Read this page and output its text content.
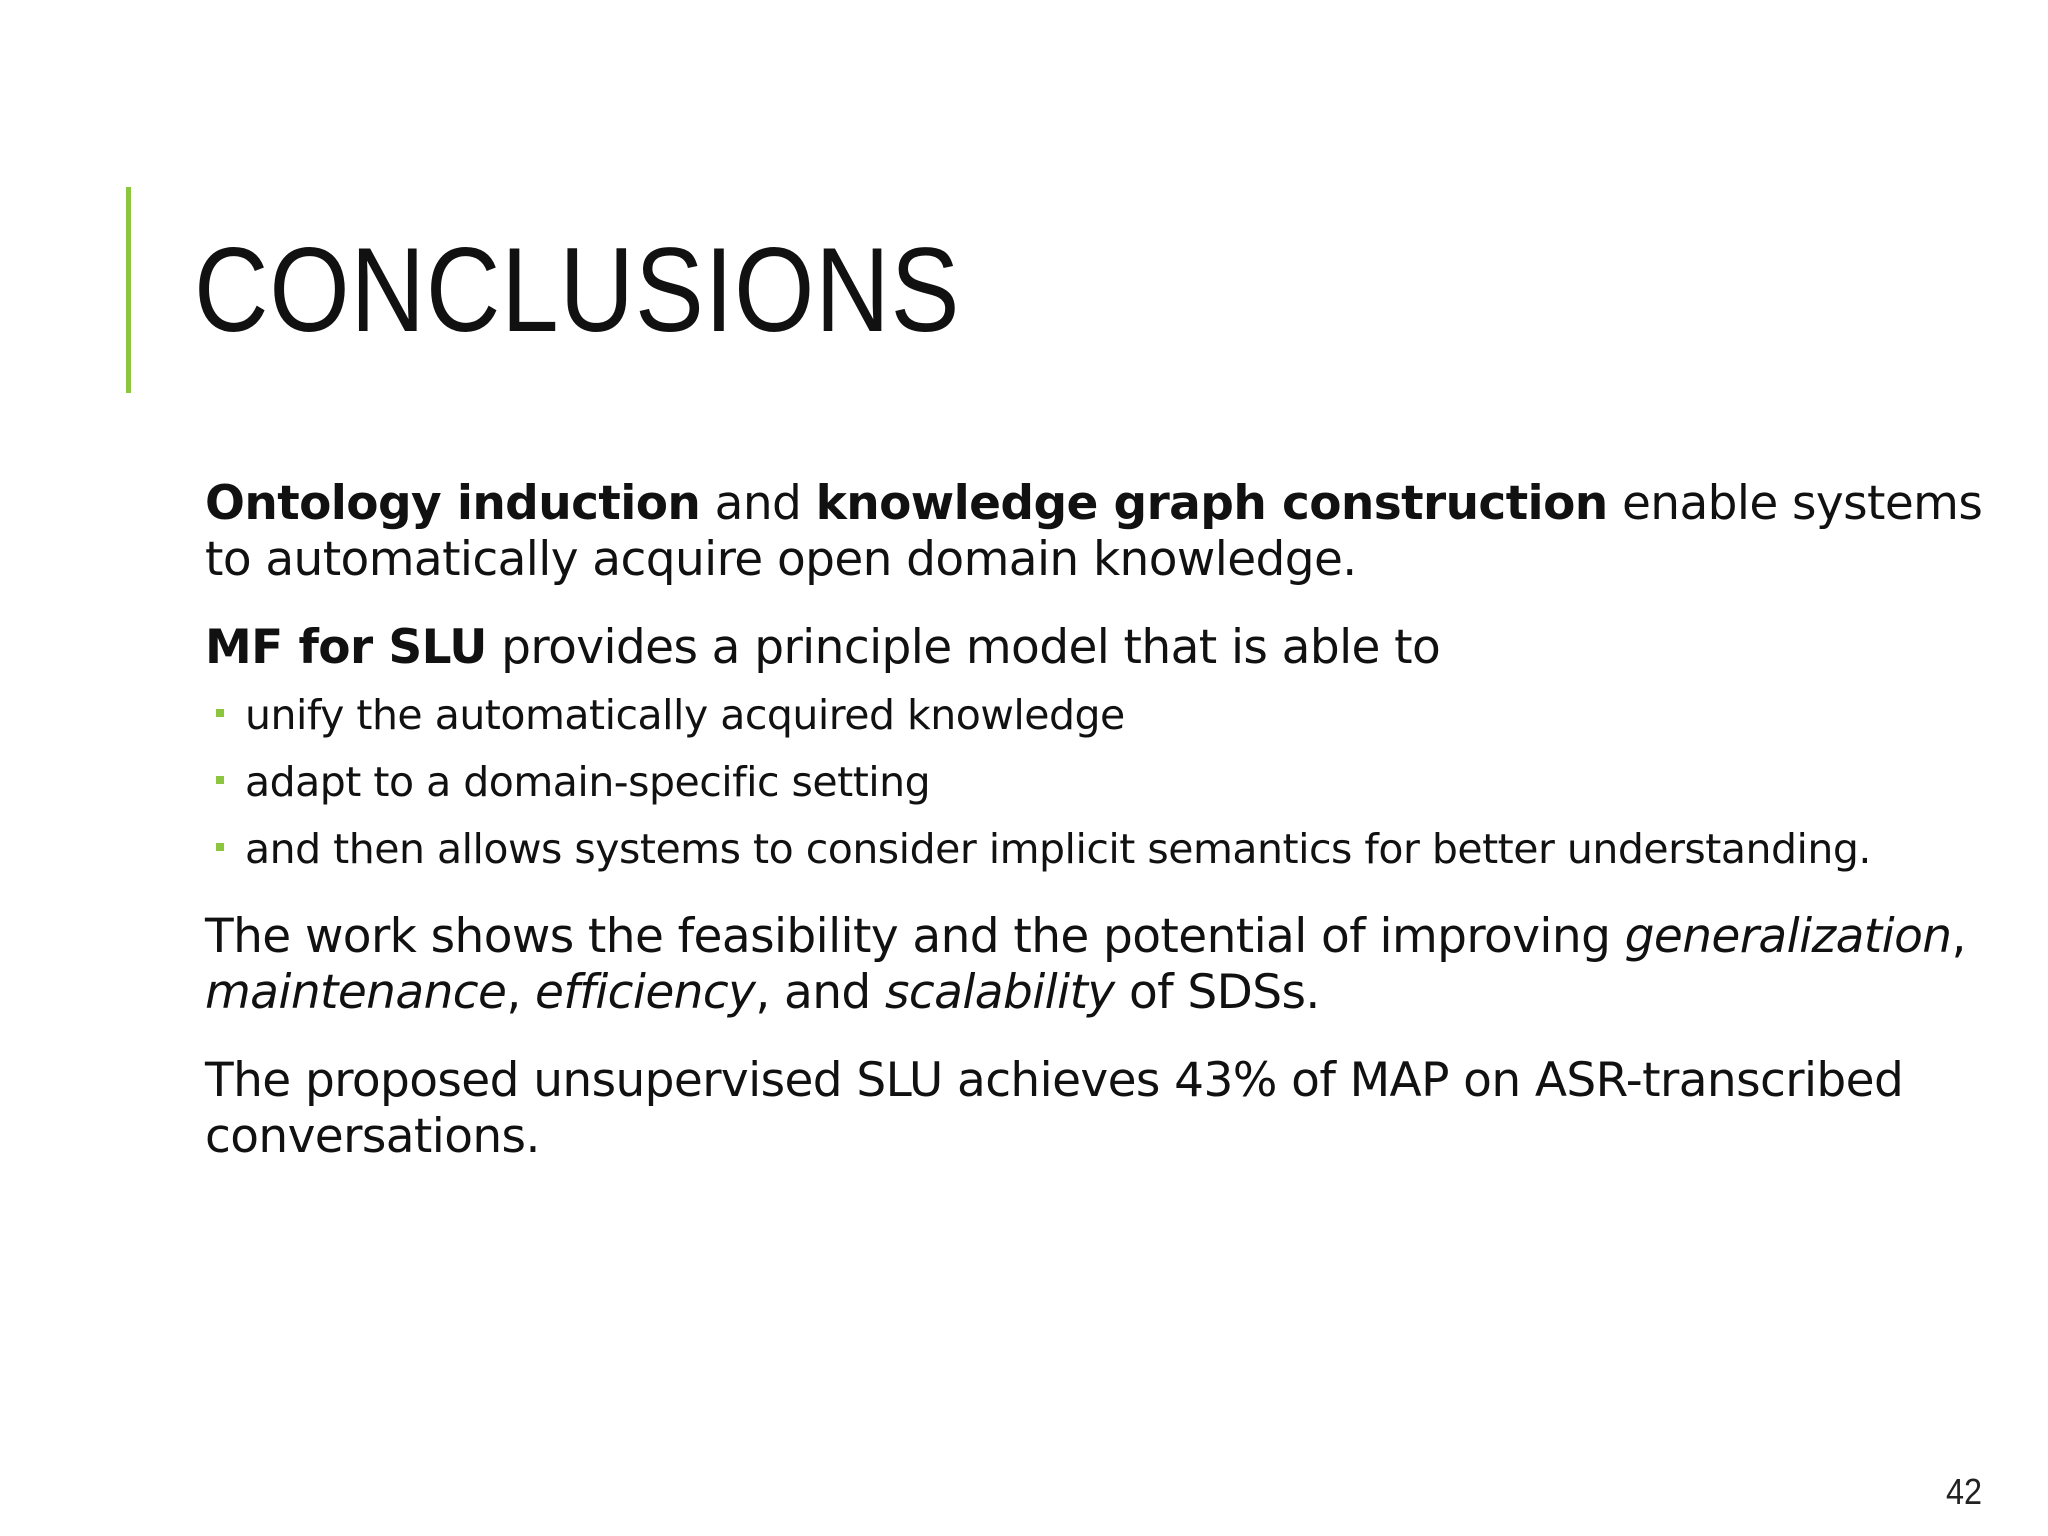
CONCLUSIONS

Ontology induction and knowledge graph construction enable systems to automatically acquire open domain knowledge.

MF for SLU provides a principle model that is able to

unify the automatically acquired knowledge
adapt to a domain-specific setting
and then allows systems to consider implicit semantics for better understanding.

The work shows the feasibility and the potential of improving generalization, maintenance, efficiency, and scalability of SDSs.

The proposed unsupervised SLU achieves 43% of MAP on ASR-transcribed conversations.

42
